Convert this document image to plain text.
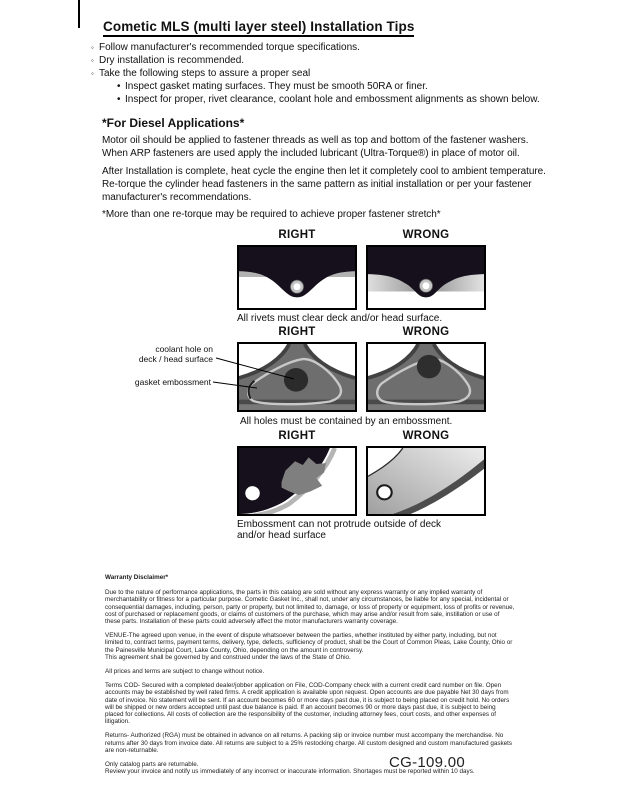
Cometic MLS (multi layer steel) Installation Tips
◦ Follow manufacturer's recommended torque specifications.
◦ Dry installation is recommended.
◦ Take the following steps to assure a proper seal
• Inspect gasket mating surfaces. They must be smooth 50RA or finer.
• Inspect for proper, rivet clearance, coolant hole and embossment alignments as shown below.
*For Diesel Applications*
Motor oil should be applied to fastener threads as well as top and bottom of the fastener washers. When ARP fasteners are used apply the included lubricant (Ultra-Torque®) in place of motor oil.
After Installation is complete, heat cycle the engine then let it completely cool to ambient temperature. Re-torque the cylinder head fasteners in the same pattern as initial installation or per your fastener manufacturer's recommendations.
*More than one re-torque may be required to achieve proper fastener stretch*
RIGHT	WRONG
All rivets must clear deck and/or head surface.
RIGHT	WRONG
coolant hole on
deck / head surface
gasket embossment
All holes must be contained by an embossment.
RIGHT	WRONG
Embossment can not protrude outside of deck
and/or head surface

Warranty Disclaimer*

Due to the nature of performance applications, the parts in this catalog are sold without any express warranty or any implied warranty of merchantability or fitness for a particular purpose. Cometic Gasket Inc., shall not, under any circumstances, be liable for any special, incidental or consequential damages, including, person, party or property, but not limited to, damage, or loss of property or equipment, loss of profits or revenue, cost of purchased or replacement goods, or claims of customers of the purchase, which may arise and/or result from sale, instillation or use of these parts. Installation of these parts could adversely affect the motor manufacturers warranty coverage.

VENUE-The agreed upon venue, in the event of dispute whatsoever between the parties, whether instituted by either party, including, but not limited to, contract terms, payment terms, delivery, type, defects, sufficiency of product, shall be the Court of Common Pleas, Lake County, Ohio or the Painesville Municipal Court, Lake County, Ohio, depending on the amount in controversy.

This agreement shall be governed by and construed under the laws of the State of Ohio.

All prices and terms are subject to change without notice.

Terms COD- Secured with a completed dealer/jobber application on File, COD-Company check with a current credit card number on file. Open accounts may be established by well rated firms. A credit application is available upon request. Open accounts are due payable Net 30 days from date of invoice. No statement will be sent. If an account becomes 60 or more days past due, it is subject to being placed on credit hold. No orders will be shipped or new orders accepted until past due balance is paid. If an account becomes 90 or more days past due, it is subject to being placed for collections. All costs of collection are the responsibility of the customer, including attorney fees, court costs, and other expenses of litigation.

Returns- Authorized (RGA) must be obtained in advance on all returns. A packing slip or invoice number must accompany the merchandise. No returns after 30 days from invoice date. All returns are subject to a 25% restocking charge. All custom designed and custom manufactured gaskets are non-returnable.

Only catalog parts are returnable.

Review your invoice and notify us immediately of any incorrect or inaccurate information. Shortages must be reported within 10 days.

CG-109.00
